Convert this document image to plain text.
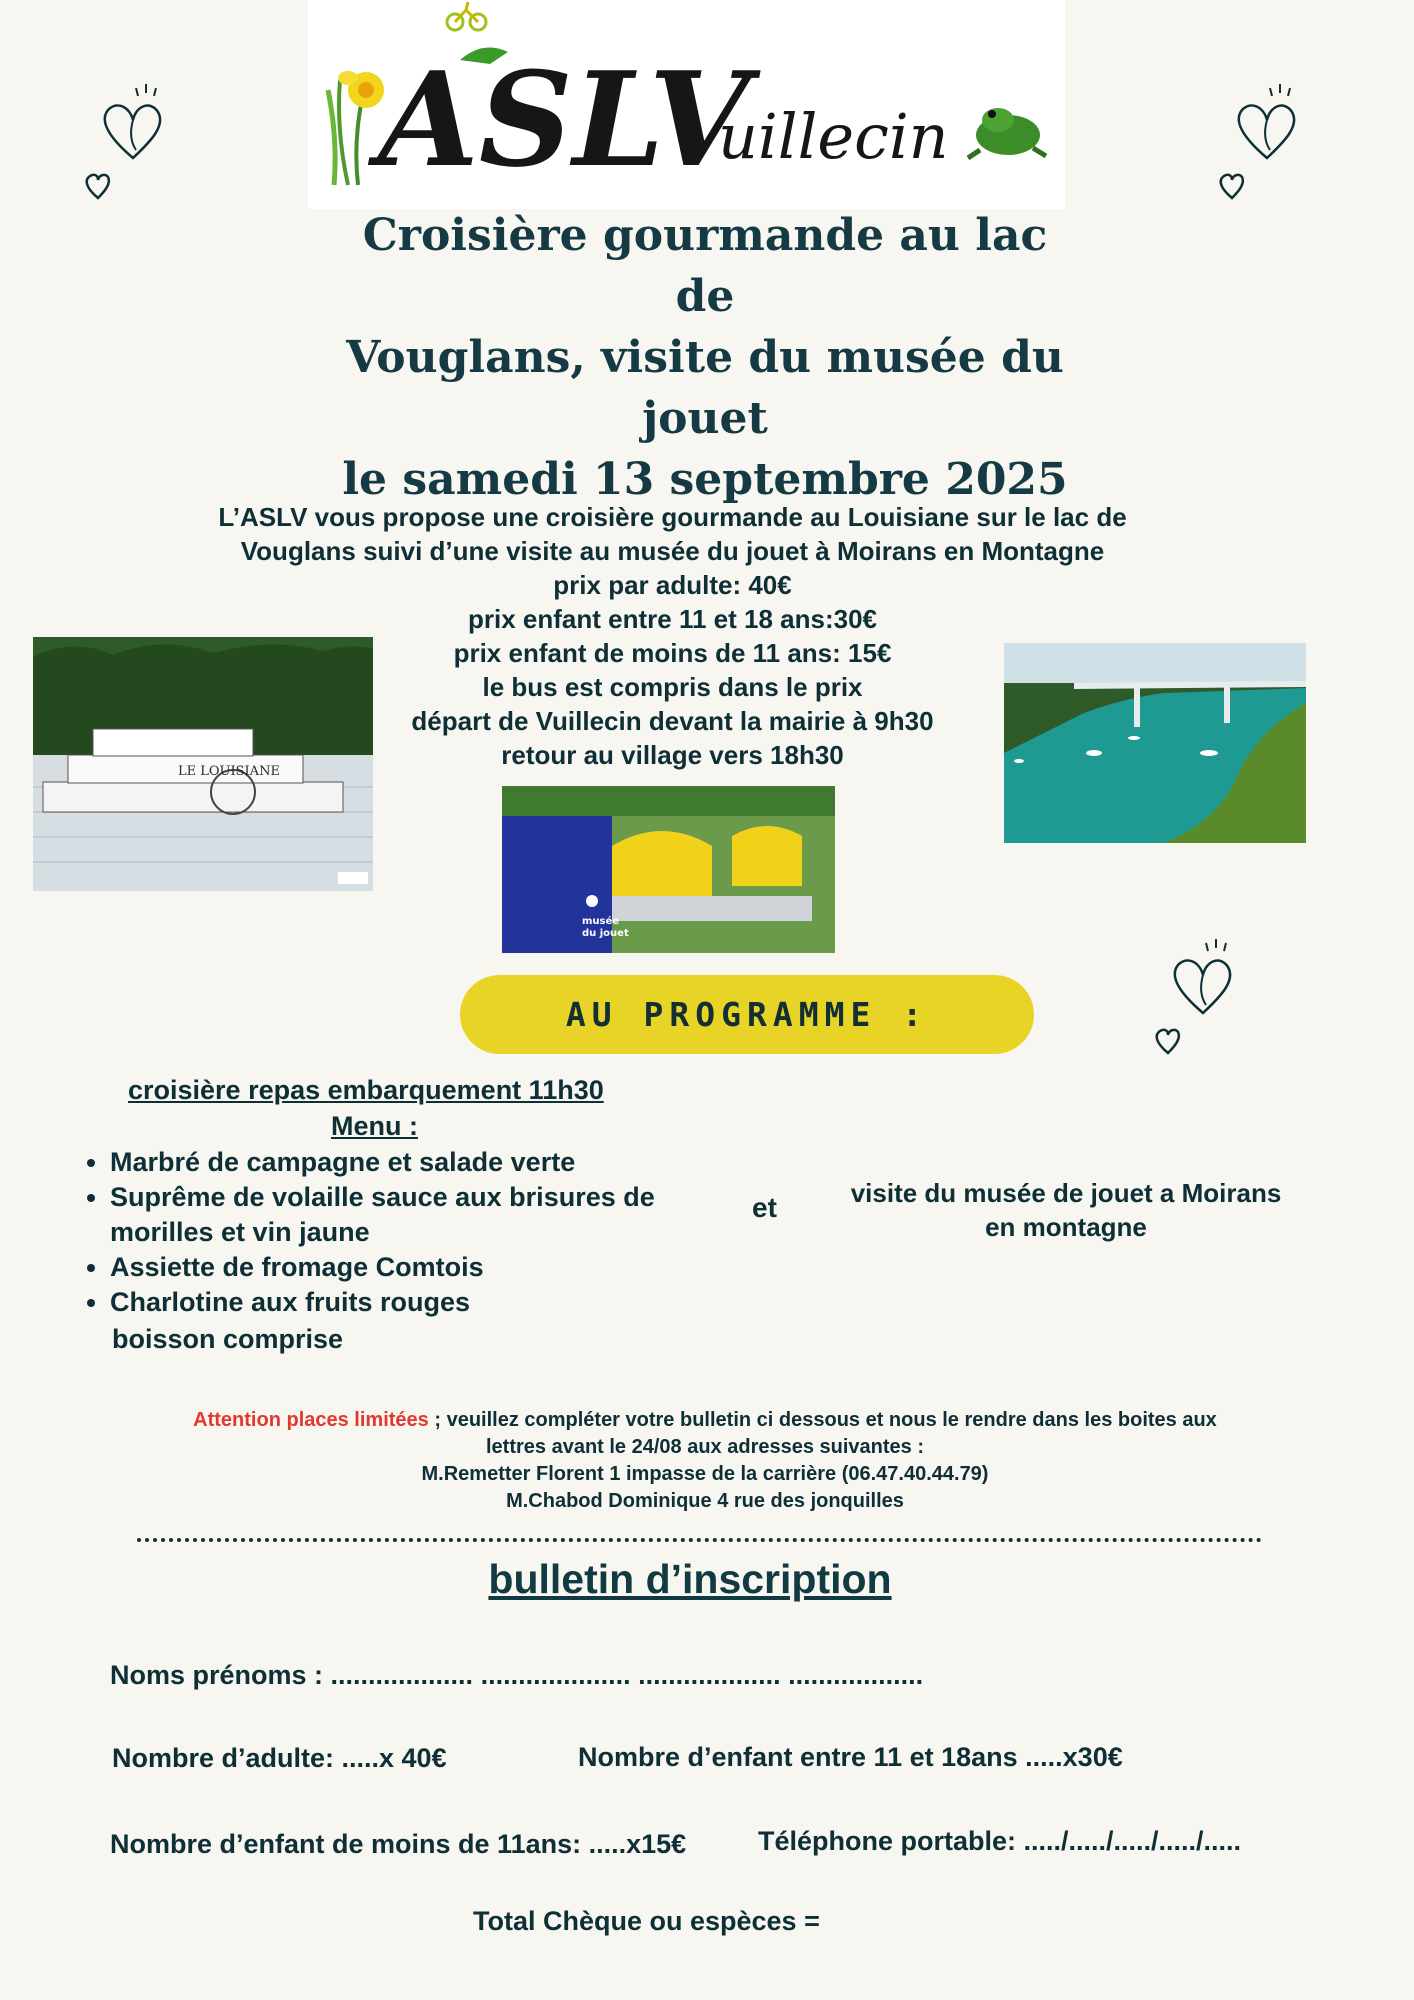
ASLV
uillecin
Croisière gourmande au lac de
Vouglans, visite du musée du
jouet
le samedi 13 septembre 2025
L’ASLV vous propose une croisière gourmande au Louisiane sur le lac de
Vouglans suivi d’une visite au musée du jouet à Moirans en Montagne
prix par adulte: 40€
prix enfant entre 11 et 18 ans:30€
prix enfant de moins de 11 ans: 15€
le bus est compris dans le prix
départ de Vuillecin devant la mairie à 9h30
retour au village vers 18h30
LE LOUISIANE
musée
du jouet
AU PROGRAMME :
croisière repas embarquement 11h30
Menu :
• Marbré de campagne et salade verte
• Suprême de volaille sauce aux brisures de morilles et vin jaune
• Assiette de fromage Comtois
• Charlotine aux fruits rouges
boisson comprise
et	visite du musée de jouet a Moirans
en montagne
Attention places limitées ; veuillez compléter votre bulletin ci dessous et nous le rendre dans les boites aux
lettres avant le 24/08 aux adresses suivantes :
M.Remetter Florent 1 impasse de la carrière (06.47.40.44.79)
M.Chabod Dominique 4 rue des jonquilles
bulletin d’inscription
Noms prénoms : ................... .................... ................... ..................
Nombre d’adulte: .....x 40€	Nombre d’enfant entre 11 et 18ans .....x30€
Nombre d’enfant de moins de 11ans: .....x15€	Téléphone portable: ...../...../...../...../.....
Total Chèque ou espèces =
